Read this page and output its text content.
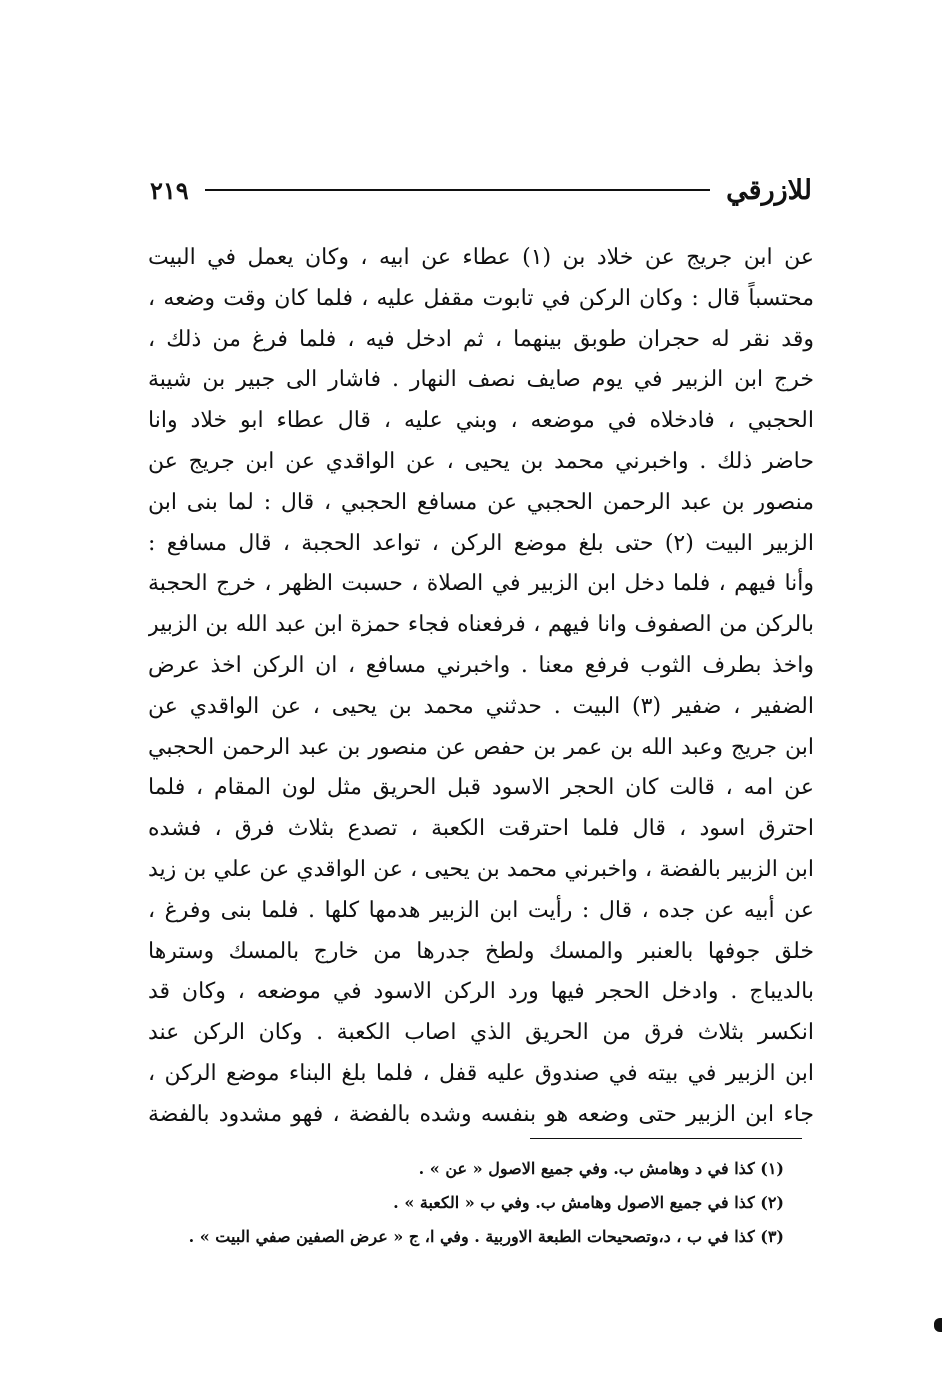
للازرقي
٢١٩
عن ابن جريج عن خلاد بن (١) عطاء عن ابيه ، وكان يعمل في البيت
محتسباً قال : وكان الركن في تابوت مقفل عليه ، فلما كان وقت وضعه ،
وقد نقر له حجران طوبق بينهما ، ثم ادخل فيه ، فلما فرغ من ذلك ،
خرج ابن الزبير في يوم صايف نصف النهار . فاشار الى جبير بن شيبة
الحجبي ، فادخلاه في موضعه ، وبني عليه ، قال عطاء ابو خلاد وانا
حاضر ذلك . واخبرني محمد بن يحيى ، عن الواقدي عن ابن جريج عن
منصور بن عبد الرحمن الحجبي عن مسافع الحجبي ، قال : لما بنى ابن
الزبير البيت (٢) حتى بلغ موضع الركن ، تواعد الحجبة ، قال مسافع :
وأنا فيهم ، فلما دخل ابن الزبير في الصلاة ، حسبت الظهر ، خرج الحجبة
بالركن من الصفوف وانا فيهم ، فرفعناه فجاء حمزة ابن عبد الله بن الزبير
واخذ بطرف الثوب فرفع معنا . واخبرني مسافع ، ان الركن اخذ عرض
الضفير ، ضفير (٣) البيت . حدثني محمد بن يحيى ، عن الواقدي عن
ابن جريج وعبد الله بن عمر بن حفص عن منصور بن عبد الرحمن الحجبي
عن امه ، قالت كان الحجر الاسود قبل الحريق مثل لون المقام ، فلما
احترق اسود ، قال فلما احترقت الكعبة ، تصدع بثلاث فرق ، فشده
ابن الزبير بالفضة ، واخبرني محمد بن يحيى ، عن الواقدي عن علي بن زيد
عن أبيه عن جده ، قال : رأيت ابن الزبير هدمها كلها . فلما بنى وفرغ ،
خلق جوفها بالعنبر والمسك ولطخ جدرها من خارج بالمسك وسترها
بالديباج . وادخل الحجر فيها ورد الركن الاسود في موضعه ، وكان قد
انكسر بثلاث فرق من الحريق الذي اصاب الكعبة . وكان الركن عند
ابن الزبير في بيته في صندوق عليه قفل ، فلما بلغ البناء موضع الركن ،
جاء ابن الزبير حتى وضعه هو بنفسه وشده بالفضة ، فهو مشدود بالفضة
(١) كذا في د وهامش ب. وفي جميع الاصول « عن » .
(٢) كذا في جميع الاصول وهامش ب. وفي ب « الكعبة » .
(٣) كذا في ب ، د،وتصحيحات الطبعة الاوربية . وفي ا، ج « عرض الصفين صفي البيت » .
